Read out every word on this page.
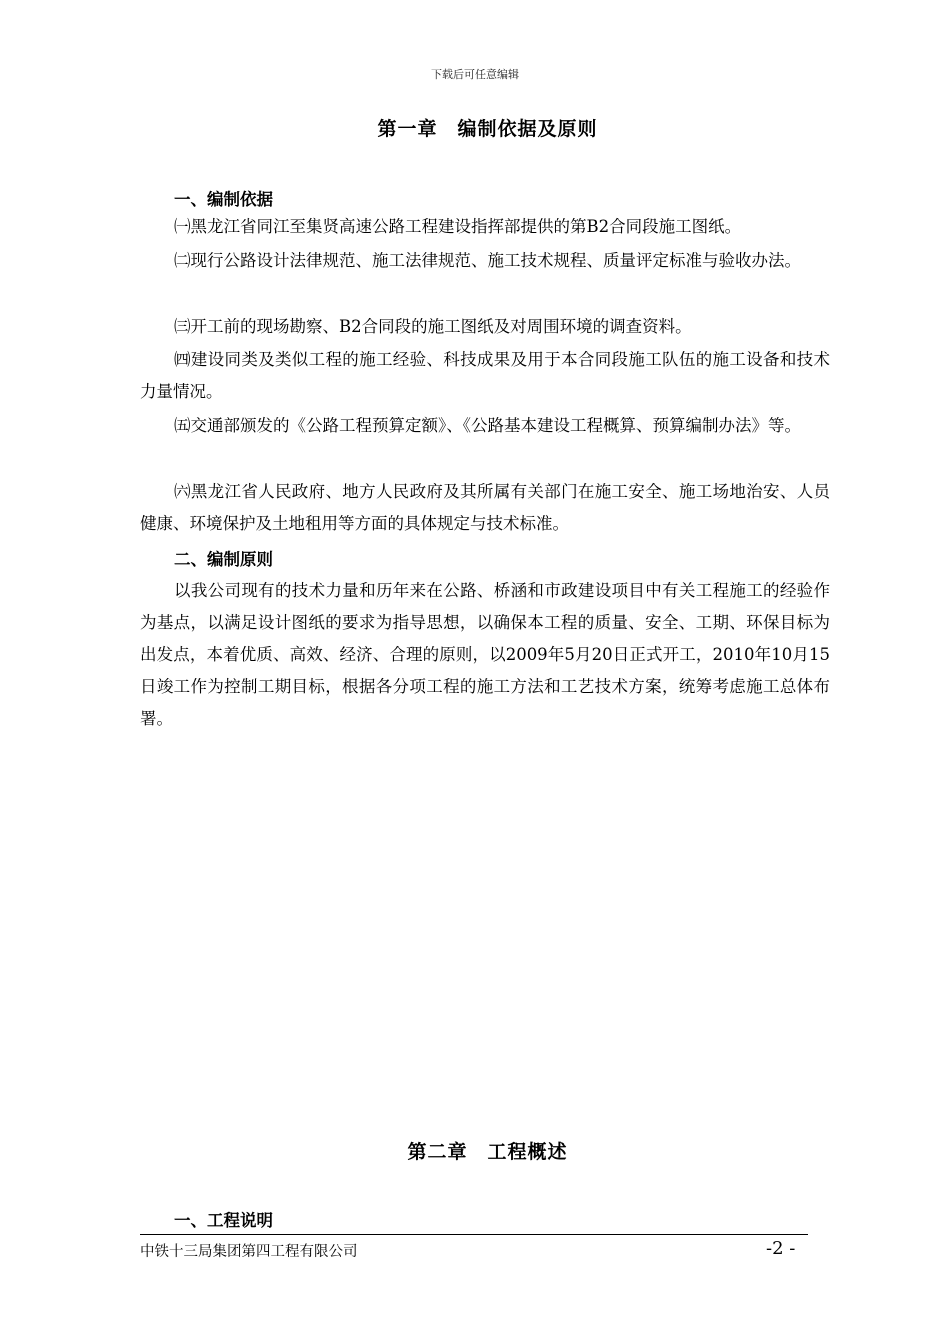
下载后可任意编辑
第一章　编制依据及原则
一、编制依据

㈠黑龙江省同江至集贤高速公路工程建设指挥部提供的第B2合同段施工图纸。

㈡现行公路设计法律规范、施工法律规范、施工技术规程、质量评定标准与验收办法。

㈢开工前的现场勘察、B2合同段的施工图纸及对周围环境的调查资料。

㈣建设同类及类似工程的施工经验、科技成果及用于本合同段施工队伍的施工设备和技术力量情况。

㈤交通部颁发的《公路工程预算定额》、《公路基本建设工程概算、预算编制办法》等。

㈥黑龙江省人民政府、地方人民政府及其所属有关部门在施工安全、施工场地治安、人员健康、环境保护及土地租用等方面的具体规定与技术标准。

二、编制原则

以我公司现有的技术力量和历年来在公路、桥涵和市政建设项目中有关工程施工的经验作为基点，以满足设计图纸的要求为指导思想，以确保本工程的质量、安全、工期、环保目标为出发点，本着优质、高效、经济、合理的原则，以2009年5月20日正式开工，2010年10月15日竣工作为控制工期目标，根据各分项工程的施工方法和工艺技术方案，统筹考虑施工总体布署。

第二章　工程概述
一、工程说明
中铁十三局集团第四工程有限公司	-2 -
